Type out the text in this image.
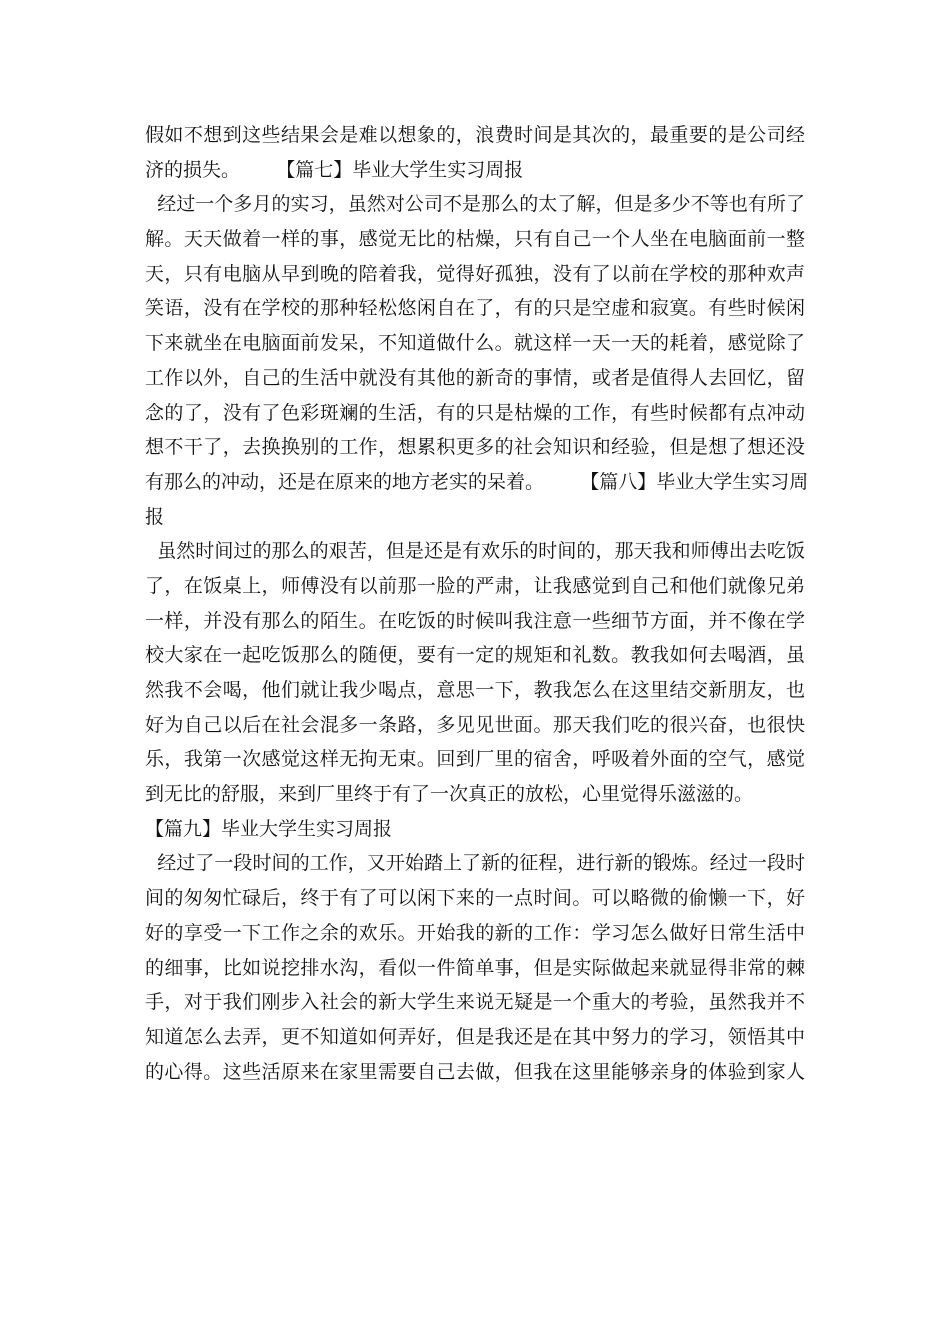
假如不想到这些结果会是难以想象的，浪费时间是其次的，最重要的是公司经
济的损失。      【篇七】毕业大学生实习周报
经过一个多月的实习，虽然对公司不是那么的太了解，但是多少不等也有所了
解。天天做着一样的事，感觉无比的枯燥，只有自己一个人坐在电脑面前一整
天，只有电脑从早到晚的陪着我，觉得好孤独，没有了以前在学校的那种欢声
笑语，没有在学校的那种轻松悠闲自在了，有的只是空虚和寂寞。有些时候闲
下来就坐在电脑面前发呆，不知道做什么。就这样一天一天的耗着，感觉除了
工作以外，自己的生活中就没有其他的新奇的事情，或者是值得人去回忆，留
念的了，没有了色彩斑斓的生活，有的只是枯燥的工作，有些时候都有点冲动
想不干了，去换换别的工作，想累积更多的社会知识和经验，但是想了想还没
有那么的冲动，还是在原来的地方老实的呆着。      【篇八】毕业大学生实习周
报
虽然时间过的那么的艰苦，但是还是有欢乐的时间的，那天我和师傅出去吃饭
了，在饭桌上，师傅没有以前那一脸的严肃，让我感觉到自己和他们就像兄弟
一样，并没有那么的陌生。在吃饭的时候叫我注意一些细节方面，并不像在学
校大家在一起吃饭那么的随便，要有一定的规矩和礼数。教我如何去喝酒，虽
然我不会喝，他们就让我少喝点，意思一下，教我怎么在这里结交新朋友，也
好为自己以后在社会混多一条路，多见见世面。那天我们吃的很兴奋，也很快
乐，我第一次感觉这样无拘无束。回到厂里的宿舍，呼吸着外面的空气，感觉
到无比的舒服，来到厂里终于有了一次真正的放松，心里觉得乐滋滋的。
【篇九】毕业大学生实习周报
经过了一段时间的工作，又开始踏上了新的征程，进行新的锻炼。经过一段时
间的匆匆忙碌后，终于有了可以闲下来的一点时间。可以略微的偷懒一下，好
好的享受一下工作之余的欢乐。开始我的新的工作：学习怎么做好日常生活中
的细事，比如说挖排水沟，看似一件简单事，但是实际做起来就显得非常的棘
手，对于我们刚步入社会的新大学生来说无疑是一个重大的考验，虽然我并不
知道怎么去弄，更不知道如何弄好，但是我还是在其中努力的学习，领悟其中
的心得。这些活原来在家里需要自己去做，但我在这里能够亲身的体验到家人
